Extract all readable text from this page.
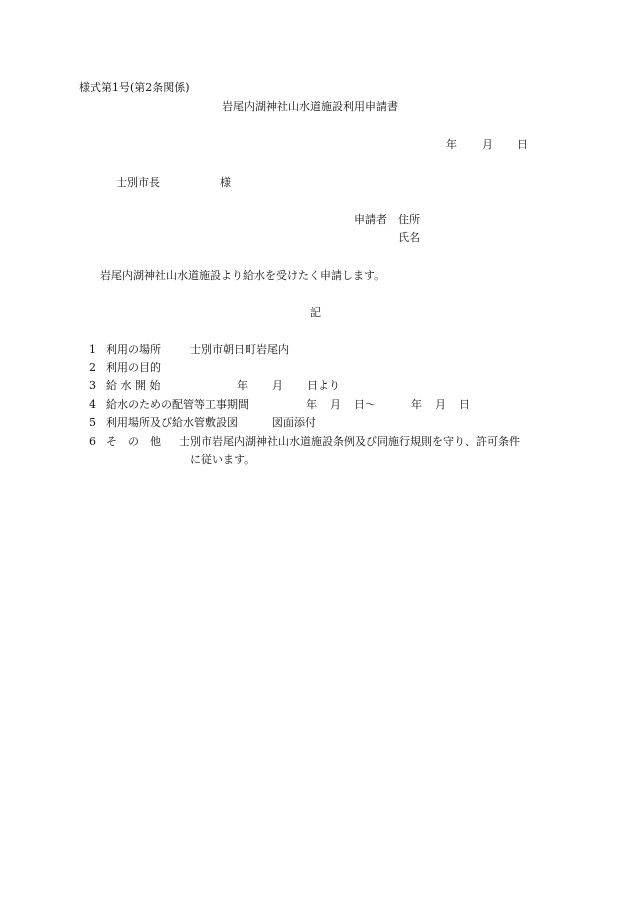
様式第1号(第2条関係)
岩尾内湖神社山水道施設利用申請書
年 月 日
士別市長	様
申請者 住所
氏名
岩尾内湖神社山水道施設より給水を受けたく申請します。
記
1 利用の場所	士別市朝日町岩尾内
2 利用の目的
3 給 水 開 始	年 月 日より
4 給水のための配管等工事期間	年 月 日〜	年 月 日
5 利用場所及び給水管敷設図	図面添付
6 そ　の　他 士別市岩尾内湖神社山水道施設条例及び同施行規則を守り、許可条件
に従います。
